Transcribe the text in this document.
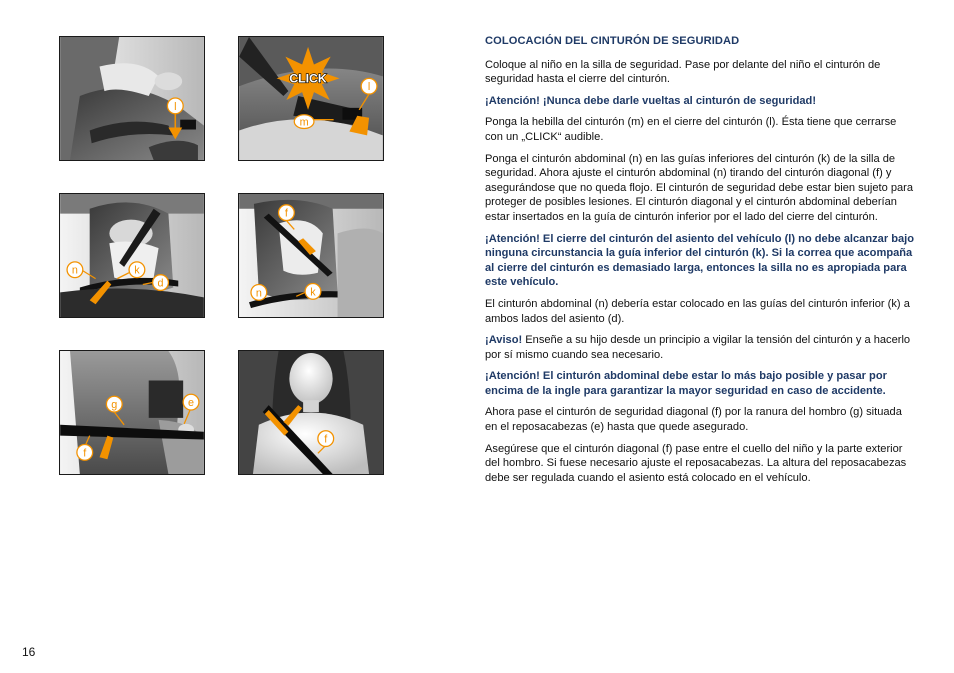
l
CLICK
m
l
n	k
d
f
n	k
g	e
f
f
COLOCACIÓN DEL CINTURÓN DE SEGURIDAD

Coloque al niño en la silla de seguridad. Pase por delante del niño el cinturón de seguridad hasta el cierre del cinturón.

¡Atención! ¡Nunca debe darle vueltas al cinturón de seguridad!

Ponga la hebilla del cinturón (m) en el cierre del cinturón (l). Ésta tiene que cerrarse con un „CLICK“ audible.

Ponga el cinturón abdominal (n) en las guías inferiores del cinturón (k) de la silla de seguridad. Ahora ajuste el cinturón abdominal (n) tirando del cinturón diagonal (f) y asegurándose que no queda flojo. El cinturón de seguridad debe estar bien sujeto para proteger de posibles lesiones. El cinturón diagonal y el cinturón abdominal deberían estar insertados en la guía de cinturón inferior por el lado del cierre del cinturón.

¡Atención! El cierre del cinturón del asiento del vehículo (l) no debe alcanzar bajo ninguna circunstancia la guía inferior del cinturón (k). Si la correa que acompaña al cierre del cinturón es demasiado larga, entonces la silla no es apropiada para este vehículo.

El cinturón abdominal (n) debería estar colocado en las guías del cinturón inferior (k) a ambos lados del asiento (d).

¡Aviso! Enseñe a su hijo desde un principio a vigilar la tensión del cinturón y a hacerlo por sí mismo cuando sea necesario.

¡Atención! El cinturón abdominal debe estar lo más bajo posible y pasar por encima de la ingle para garantizar la mayor seguridad en caso de accidente.

Ahora pase el cinturón de seguridad diagonal (f) por la ranura del hombro (g) situada en el reposacabezas (e) hasta que quede asegurado.

Asegúrese que el cinturón diagonal (f) pase entre el cuello del niño y la parte exterior del hombro. Si fuese necesario ajuste el reposacabezas. La altura del reposacabezas debe ser regulada cuando el asiento está colocado en el vehículo.

16
